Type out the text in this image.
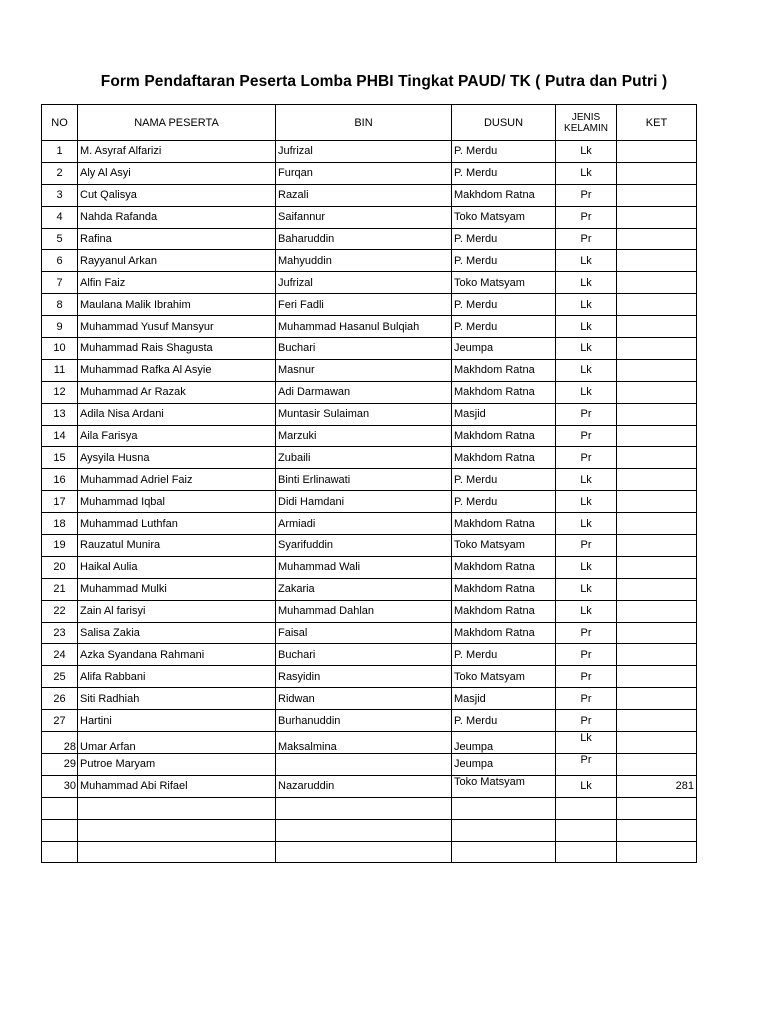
Form Pendaftaran Peserta Lomba PHBI Tingkat PAUD/ TK ( Putra dan Putri )
NO	NAMA PESERTA	BIN	DUSUN	JENIS
KELAMIN	KET
1	M. Asyraf Alfarizi	Jufrizal	P. Merdu	Lk	
2	Aly Al Asyi	Furqan	P. Merdu	Lk	
3	Cut Qalisya	Razali	Makhdom Ratna	Pr	
4	Nahda Rafanda	Saifannur	Toko Matsyam	Pr	
5	Rafina	Baharuddin	P. Merdu	Pr	
6	Rayyanul Arkan	Mahyuddin	P. Merdu	Lk	
7	Alfin Faiz	Jufrizal	Toko Matsyam	Lk	
8	Maulana Malik Ibrahim	Feri Fadli	P. Merdu	Lk	
9	Muhammad Yusuf Mansyur	Muhammad Hasanul Bulqiah	P. Merdu	Lk	
10	Muhammad Rais Shagusta	Buchari	Jeumpa	Lk	
11	Muhammad Rafka Al Asyie	Masnur	Makhdom Ratna	Lk	
12	Muhammad Ar Razak	Adi Darmawan	Makhdom Ratna	Lk	
13	Adila Nisa Ardani	Muntasir Sulaiman	Masjid	Pr	
14	Aila Farisya	Marzuki	Makhdom Ratna	Pr	
15	Aysyila Husna	Zubaili	Makhdom Ratna	Pr	
16	Muhammad Adriel Faiz	Binti Erlinawati	P. Merdu	Lk	
17	Muhammad Iqbal	Didi Hamdani	P. Merdu	Lk	
18	Muhammad Luthfan	Armiadi	Makhdom Ratna	Lk	
19	Rauzatul Munira	Syarifuddin	Toko Matsyam	Pr	
20	Haikal Aulia	Muhammad Wali	Makhdom Ratna	Lk	
21	Muhammad Mulki	Zakaria	Makhdom Ratna	Lk	
22	Zain Al farisyi	Muhammad Dahlan	Makhdom Ratna	Lk	
23	Salisa Zakia	Faisal	Makhdom Ratna	Pr	
24	Azka Syandana Rahmani	Buchari	P. Merdu	Pr	
25	Alifa Rabbani	Rasyidin	Toko Matsyam	Pr	
26	Siti Radhiah	Ridwan	Masjid	Pr	
27	Hartini	Burhanuddin	P. Merdu	Pr	
28	Umar Arfan	Maksalmina	Jeumpa	Lk	
29	Putroe Maryam		Jeumpa	Pr	
30	Muhammad Abi Rifael	Nazaruddin	Toko Matsyam	Lk	281
